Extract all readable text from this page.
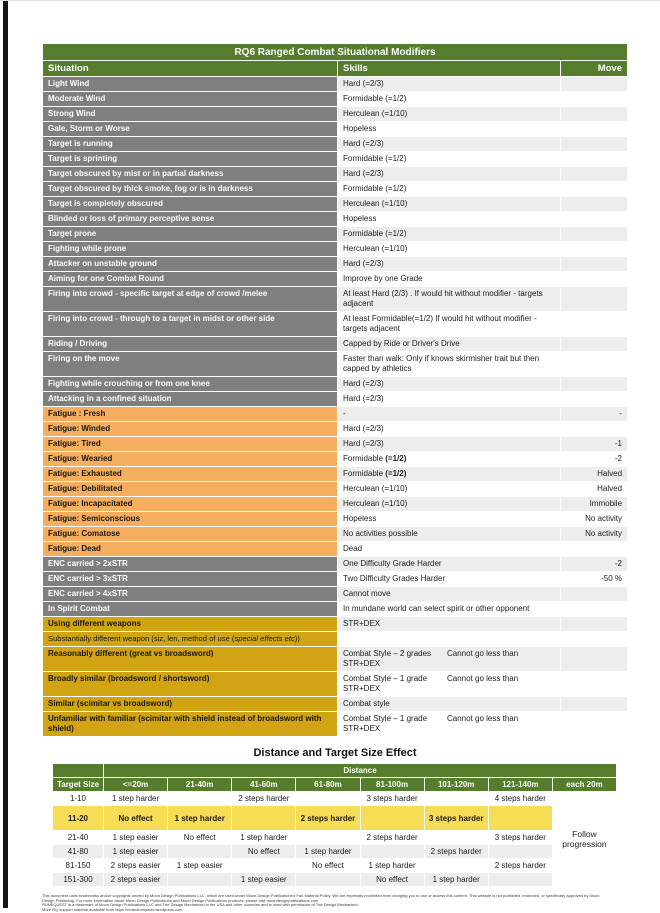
RQ6 Ranged Combat Situational Modifiers		
Situation	Skills	Move
Light Wind	Hard (=2/3)	
Moderate Wind	Formidable (=1/2)	
Strong Wind	Herculean (=1/10)	
Gale, Storm or Worse	Hopeless	
Target is running	Hard (=2/3)	
Target is sprinting	Formidable (=1/2)	
Target obscured by mist or in partial darkness	Hard (=2/3)	
Target obscured by thick smoke, fog or is in darkness	Formidable (=1/2)	
Target is completely obscured	Herculean (=1/10)	
Blinded or loss of primary perceptive sense	Hopeless	
Target prone	Formidable (=1/2)	
Fighting while prone	Herculean (=1/10)	
Attacker on unstable ground	Hard (=2/3)	
Aiming for one Combat Round	Improve by one Grade	
Firing into crowd - specific target at edge of crowd /melee	At least Hard (2/3) . If would hit without modifier - targets adjacent	
Firing into crowd - through to a target in midst or other side	At least Formidable(=1/2) If would hit without modifier - targets adjacent	
Riding / Driving	Capped by Ride or Driver's Drive	
Firing on the move	Faster than walk: Only if knows skirmisher trait but then capped by athletics	
Fighting while crouching or from one knee	Hard (=2/3)	
Attacking in a confined situation	Hard (=2/3)	
Fatigue : Fresh	-	-
Fatigue: Winded	Hard (=2/3)	
Fatigue: Tired	Hard (=2/3)	-1
Fatigue: Wearied	Formidable (=1/2)	-2
Fatigue: Exhausted	Formidable (=1/2)	Halved
Fatigue: Debilitated	Herculean (=1/10)	Halved
Fatigue: Incapacitated	Herculean (=1/10)	Immobile
Fatigue: Semiconscious	Hopeless	No activity
Fatigue: Comatose	No activities possible	No activity
Fatigue: Dead	Dead	
ENC carried > 2xSTR	One Difficulty Grade Harder	-2
ENC carried > 3xSTR	Two Difficulty Grades Harder	-50 %
ENC carried > 4xSTR	Cannot move	
In Spirit Combat	In mundane world can select spirit or other opponent	
Using different weapons	STR+DEX	
Substantially different weapon (siz, len, method of use (special effects etc))		
Reasonably different (great vs broadsword)	Combat Style – 2 grades Cannot go less than STR+DEX	
Broadly similar (broadsword / shortsword)	Combat Style – 1 grade Cannot go less than STR+DEX	
Similar (scimitar vs broadsword)	Combat style	
Unfamiliar with familiar (scimitar with shield instead of broadsword with shield)	Combat Style – 1 grade Cannot go less than STR+DEX	
Distance and Target Size Effect
	Distance							
Target Size	<=20m	21-40m	41-60m	61-80m	81-100m	101-120m	121-140m	each 20m
1-10	1 step harder		2 steps harder		3 steps harder		4 steps harder	Follow progression
11-20	No effect	1 step harder		2 steps harder		3 steps harder		
21-40	1 step easier	No effect	1 step harder		2 steps harder		3 steps harder	
41-80	1 step easier		No effect	1 step harder		2 steps harder		
81-150	2 steps easier	1 step easier		No effect	1 step harder		2 steps harder	
151-300	2 steps easier		1 step easier		No effect	1 step harder		
This document uses trademarks and/or copyrights owned by Moon Design Publications LLC, which are used under Moon Design Publications's Fan Material Policy. We are expressly prohibited from charging you to use or access this content. This website is not published, endorsed, or specifically approved by Moon
Design Publishing. For more information about Moon Design Publications and Moon Design Publications products, please visit moondesignpublications.com
RUNEQUEST is a trademark of Moon Design Publications LLC and The Design Mechanism in the USA and other countries and is used with permission of The Design Mechanism.
More RQ support material available from https://notesfrompavis.wordpress.com
